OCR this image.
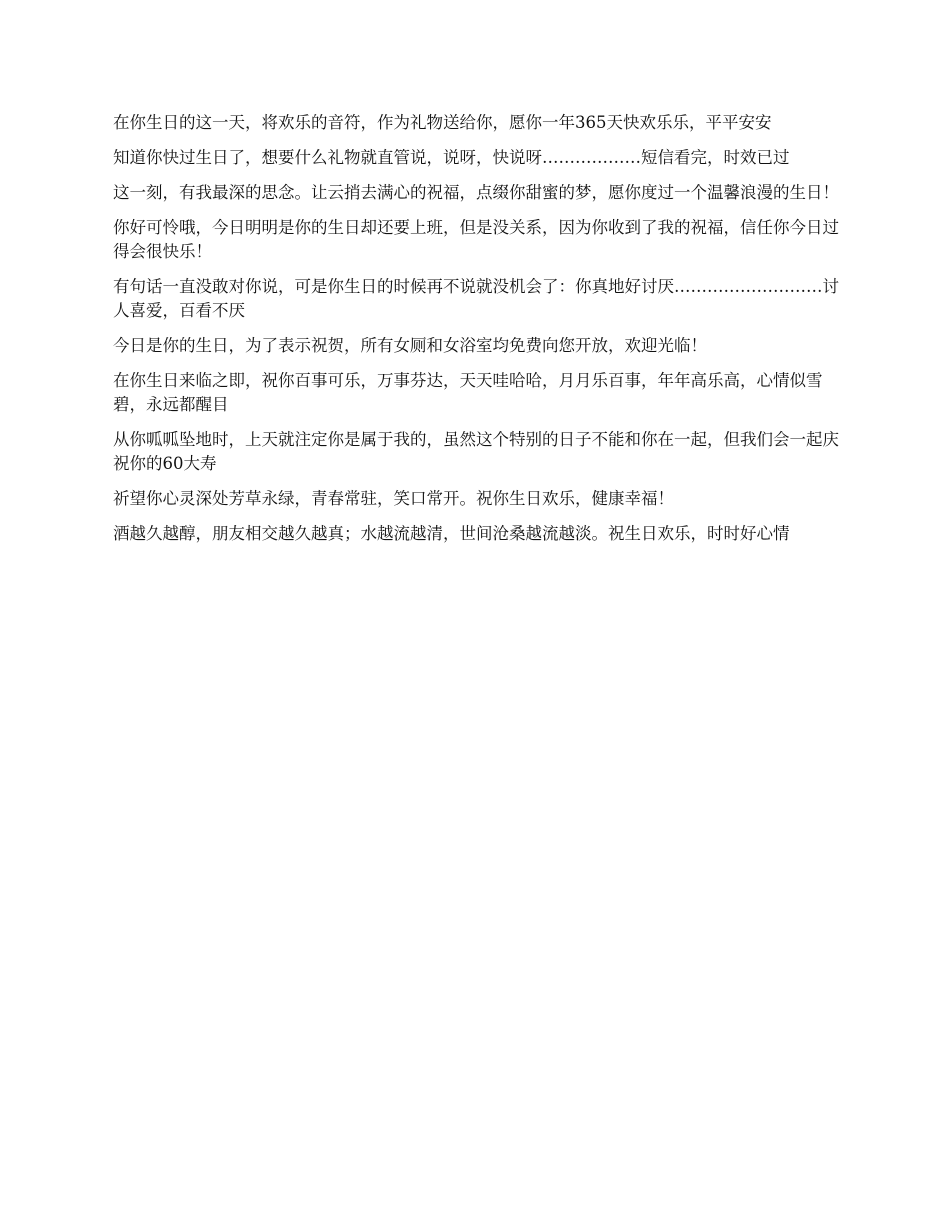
在你生日的这一天，将欢乐的音符，作为礼物送给你，愿你一年365天快欢乐乐，平平安安

知道你快过生日了，想要什么礼物就直管说，说呀，快说呀………………短信看完，时效已过

这一刻，有我最深的思念。让云捎去满心的祝福，点缀你甜蜜的梦，愿你度过一个温馨浪漫的生日！

你好可怜哦，今日明明是你的生日却还要上班，但是没关系，因为你收到了我的祝福，信任你今日过得会很快乐！

有句话一直没敢对你说，可是你生日的时候再不说就没机会了：你真地好讨厌………………………讨人喜爱，百看不厌

今日是你的生日，为了表示祝贺，所有女厕和女浴室均免费向您开放，欢迎光临！

在你生日来临之即，祝你百事可乐，万事芬达，天天哇哈哈，月月乐百事，年年高乐高，心情似雪碧，永远都醒目

从你呱呱坠地时，上天就注定你是属于我的，虽然这个特别的日子不能和你在一起，但我们会一起庆祝你的60大寿

祈望你心灵深处芳草永绿，青春常驻，笑口常开。祝你生日欢乐，健康幸福！

酒越久越醇，朋友相交越久越真；水越流越清，世间沧桑越流越淡。祝生日欢乐，时时好心情
